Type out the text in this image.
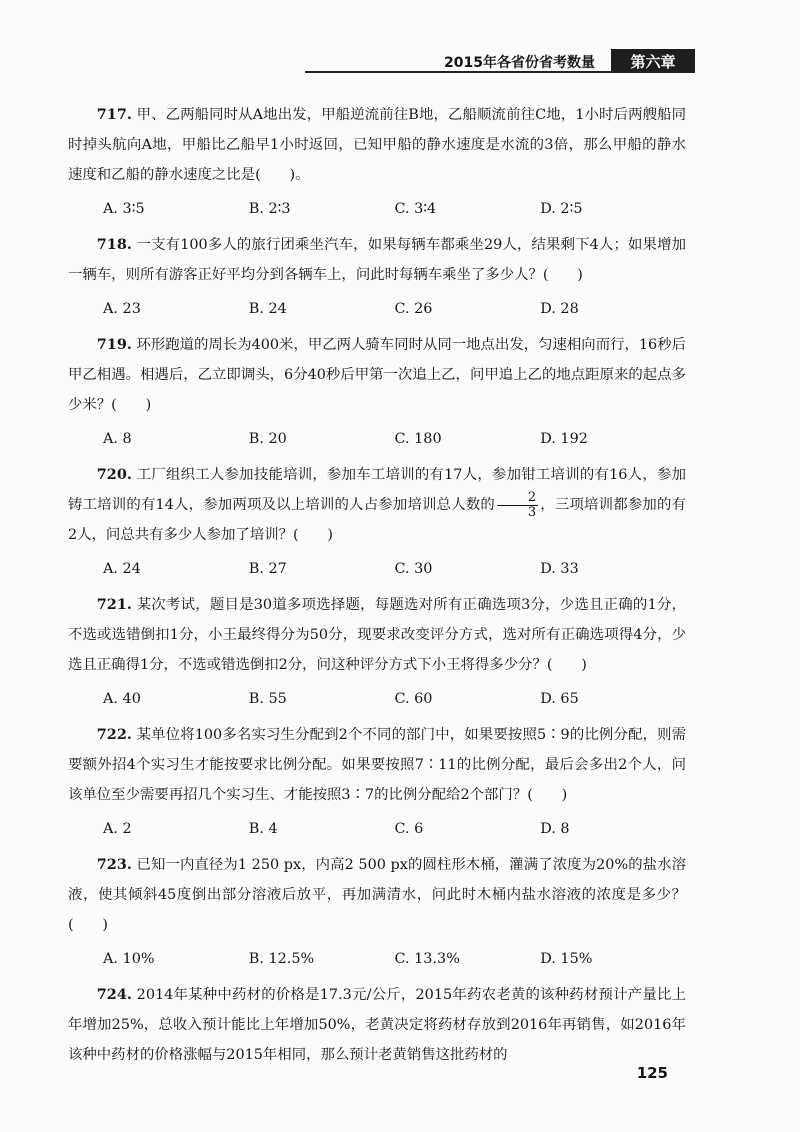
2015年各省份省考数量	第六章

717. 甲、乙两船同时从A地出发，甲船逆流前往B地，乙船顺流前往C地，1小时后两艘船同时掉头航向A地，甲船比乙船早1小时返回，已知甲船的静水速度是水流的3倍，那么甲船的静水速度和乙船的静水速度之比是(　　)。

A. 3∶5	B. 2∶3	C. 3∶4	D. 2∶5

718. 一支有100多人的旅行团乘坐汽车，如果每辆车都乘坐29人，结果剩下4人；如果增加一辆车，则所有游客正好平均分到各辆车上，问此时每辆车乘坐了多少人？(　　)

A. 23	B. 24	C. 26	D. 28

719. 环形跑道的周长为400米，甲乙两人骑车同时从同一地点出发，匀速相向而行，16秒后甲乙相遇。相遇后，乙立即调头，6分40秒后甲第一次追上乙，问甲追上乙的地点距原来的起点多少米？(　　)

A. 8	B. 20	C. 180	D. 192

720. 工厂组织工人参加技能培训，参加车工培训的有17人，参加钳工培训的有16人，参加铸工培训的有14人，参加两项及以上培训的人占参加培训总人数的 $\frac{2}{3}$ ，三项培训都参加的有2人，问总共有多少人参加了培训？(　　)

A. 24	B. 27	C. 30	D. 33

721. 某次考试，题目是30道多项选择题，每题选对所有正确选项3分，少选且正确的1分，不选或选错倒扣1分，小王最终得分为50分，现要求改变评分方式，选对所有正确选项得4分，少选且正确得1分，不选或错选倒扣2分，问这种评分方式下小王将得多少分？(　　)

A. 40	B. 55	C. 60	D. 65

722. 某单位将100多名实习生分配到2个不同的部门中，如果要按照5∶9的比例分配，则需要额外招4个实习生才能按要求比例分配。如果要按照7∶11的比例分配，最后会多出2个人，问该单位至少需要再招几个实习生、才能按照3∶7的比例分配给2个部门？(　　)

A. 2	B. 4	C. 6	D. 8

723. 已知一内直径为1 250 px，内高2 500 px的圆柱形木桶，灌满了浓度为20%的盐水溶液，使其倾斜45度倒出部分溶液后放平，再加满清水，问此时木桶内盐水溶液的浓度是多少？(　　)

A. 10%	B. 12.5%	C. 13.3%	D. 15%

724. 2014年某种中药材的价格是17.3元/公斤，2015年药农老黄的该种药材预计产量比上年增加25%，总收入预计能比上年增加50%，老黄决定将药材存放到2016年再销售，如2016年该种中药材的价格涨幅与2015年相同，那么预计老黄销售这批药材的

125
